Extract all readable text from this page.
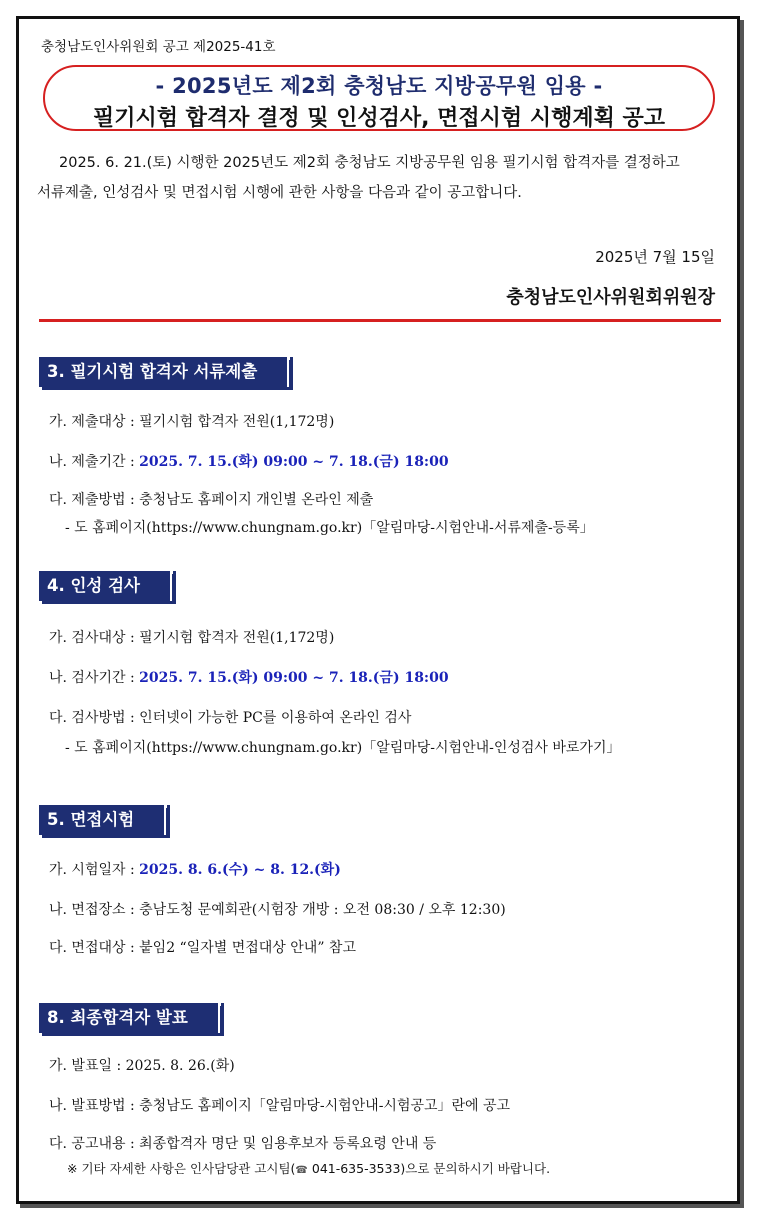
충청남도인사위원회 공고 제2025-41호
- 2025년도 제2회 충청남도 지방공무원 임용 -
필기시험 합격자 결정 및 인성검사, 면접시험 시행계획 공고
2025. 6. 21.(토) 시행한 2025년도 제2회 충청남도 지방공무원 임용 필기시험 합격자를 결정하고 서류제출, 인성검사 및 면접시험 시행에 관한 사항을 다음과 같이 공고합니다.
2025년 7월 15일
충청남도인사위원회위원장
3. 필기시험 합격자 서류제출
가. 제출대상 : 필기시험 합격자 전원(1,172명)
나. 제출기간 : 2025. 7. 15.(화) 09:00 ~ 7. 18.(금) 18:00
다. 제출방법 : 충청남도 홈페이지 개인별 온라인 제출
- 도 홈페이지(https://www.chungnam.go.kr)「알림마당-시험안내-서류제출-등록」
4. 인성 검사
가. 검사대상 : 필기시험 합격자 전원(1,172명)
나. 검사기간 : 2025. 7. 15.(화) 09:00 ~ 7. 18.(금) 18:00
다. 검사방법 : 인터넷이 가능한 PC를 이용하여 온라인 검사
- 도 홈페이지(https://www.chungnam.go.kr)「알림마당-시험안내-인성검사 바로가기」
5. 면접시험
가. 시험일자 : 2025. 8. 6.(수) ~ 8. 12.(화)
나. 면접장소 : 충남도청 문예회관(시험장 개방 : 오전 08:30 / 오후 12:30)
다. 면접대상 : 붙임2 “일자별 면접대상 안내” 참고
8. 최종합격자 발표
가. 발표일 : 2025. 8. 26.(화)
나. 발표방법 : 충청남도 홈페이지「알림마당-시험안내-시험공고」란에 공고
다. 공고내용 : 최종합격자 명단 및 임용후보자 등록요령 안내 등
※ 기타 자세한 사항은 인사담당관 고시팀(☎ 041-635-3533)으로 문의하시기 바랍니다.
